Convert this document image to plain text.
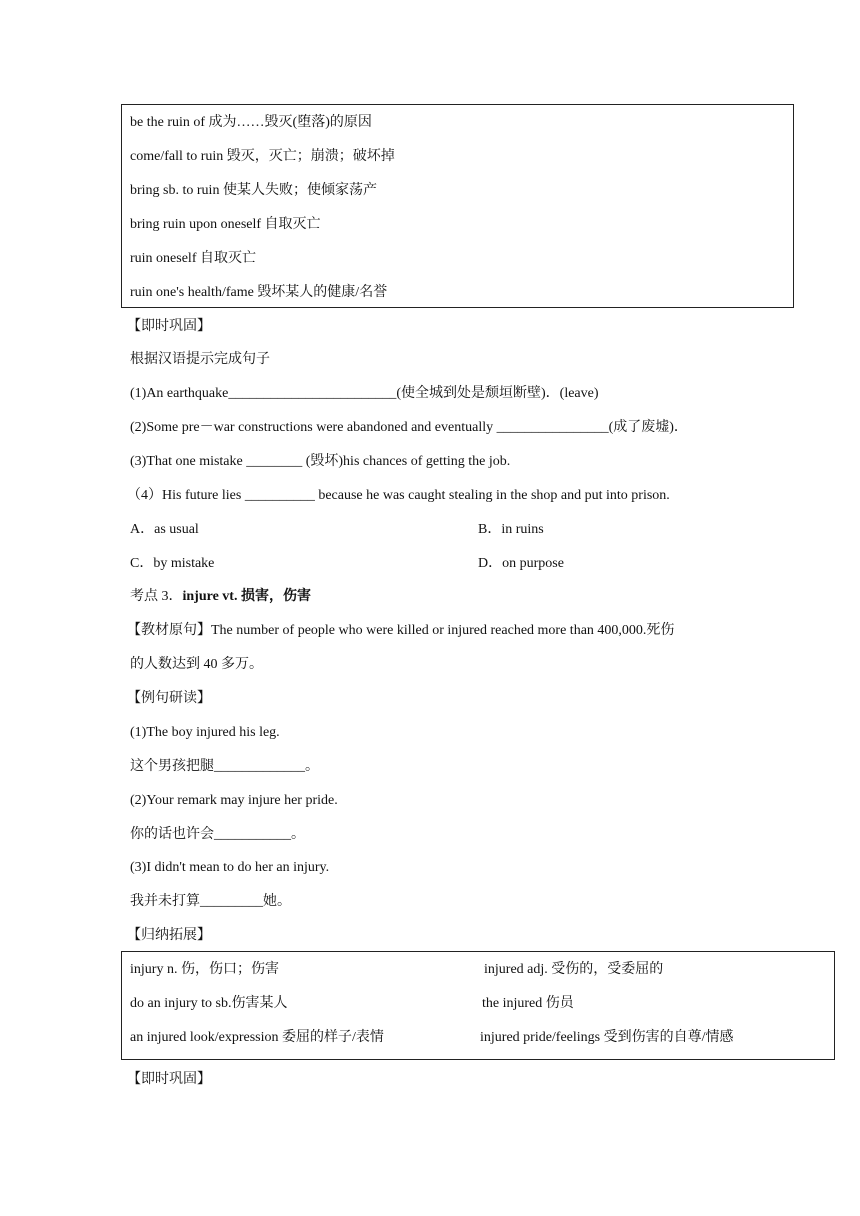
be the ruin of 成为……毁灭(堕落)的原因
come/fall to ruin 毁灭，灭亡；崩溃；破坏掉
bring sb. to ruin 使某人失败；使倾家荡产
bring ruin upon oneself 自取灭亡
ruin oneself 自取灭亡
ruin one's health/fame 毁坏某人的健康/名誉
【即时巩固】
根据汉语提示完成句子
(1)An earthquake________________________(使全城到处是颓垣断壁)．(leave)
(2)Some pre－war constructions were abandoned and eventually ________________(成了废墟)．
(3)That one mistake ________ (毁坏)his chances of getting the job.
（4）His future lies __________ because he was caught stealing in the shop and put into prison.
A．as usual	B．in ruins
C．by mistake	D．on purpose
考点 3．injure vt. 损害，伤害
【教材原句】The number of people who were killed or injured reached more than 400,000.死伤
的人数达到 40 多万。
【例句研读】
(1)The boy injured his leg.
这个男孩把腿_____________。
(2)Your remark may injure her pride.
你的话也许会___________。
(3)I didn't mean to do her an injury.
我并未打算_________她。
【归纳拓展】
injury n. 伤，伤口；伤害	injured adj. 受伤的，受委屈的
do an injury to sb.伤害某人	the injured 伤员
an injured look/expression 委屈的样子/表情	injured pride/feelings 受到伤害的自尊/情感
【即时巩固】
